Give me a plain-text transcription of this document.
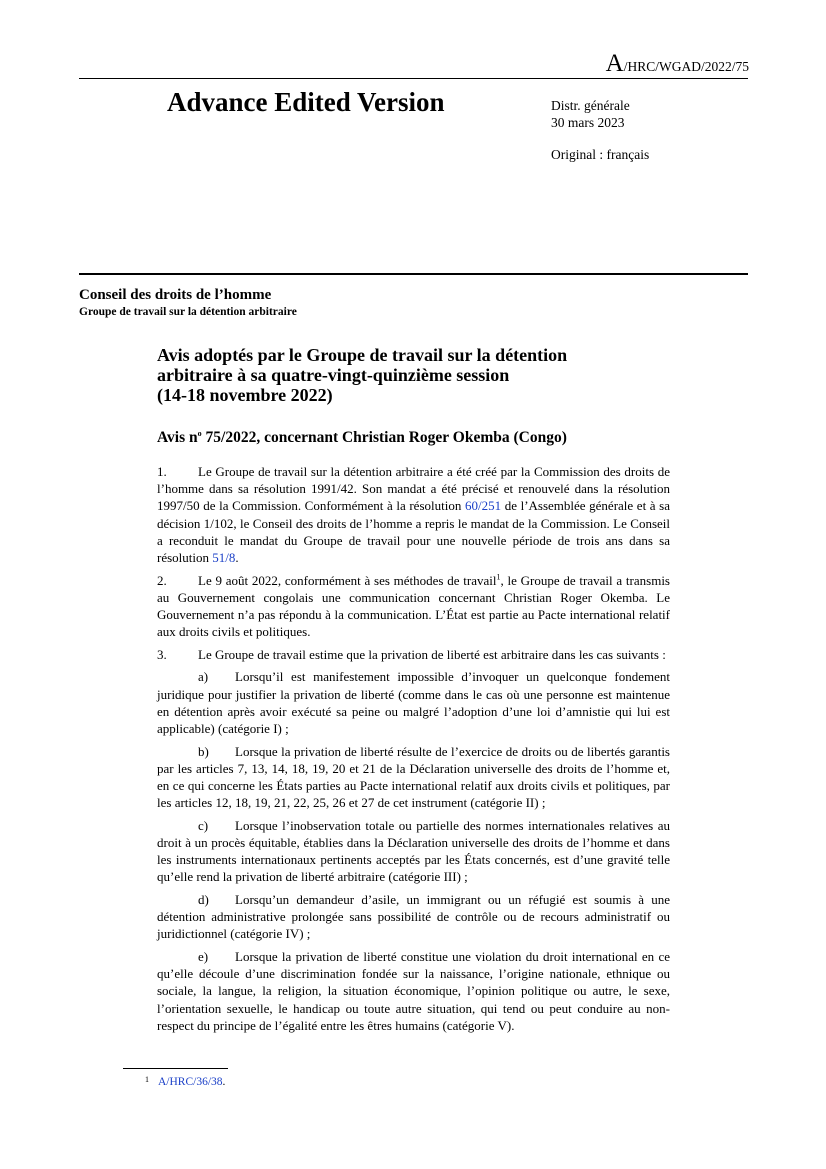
A/HRC/WGAD/2022/75
Advance Edited Version	Distr. générale
30 mars 2023
Original : français
Conseil des droits de l’homme
Groupe de travail sur la détention arbitraire
Avis adoptés par le Groupe de travail sur la détention
arbitraire à sa quatre-vingt-quinzième session
(14-18 novembre 2022)
Avis $n^o$ 75/2022, concernant Christian Roger Okemba (Congo)

1. Le Groupe de travail sur la détention arbitraire a été créé par la Commission des droits de l’homme dans sa résolution 1991/42. Son mandat a été précisé et renouvelé dans la résolution 1997/50 de la Commission. Conformément à la résolution 60/251 de l’Assemblée générale et à sa décision 1/102, le Conseil des droits de l’homme a repris le mandat de la Commission. Le Conseil a reconduit le mandat du Groupe de travail pour une nouvelle période de trois ans dans sa résolution 51/8.

2. Le 9 août 2022, conformément à ses méthodes de travail$^1$, le Groupe de travail a transmis au Gouvernement congolais une communication concernant Christian Roger Okemba. Le Gouvernement n’a pas répondu à la communication. L’État est partie au Pacte international relatif aux droits civils et politiques.

3. Le Groupe de travail estime que la privation de liberté est arbitraire dans les cas suivants :

a) Lorsqu’il est manifestement impossible d’invoquer un quelconque fondement juridique pour justifier la privation de liberté (comme dans le cas où une personne est maintenue en détention après avoir exécuté sa peine ou malgré l’adoption d’une loi d’amnistie qui lui est applicable) (catégorie I) ;

b) Lorsque la privation de liberté résulte de l’exercice de droits ou de libertés garantis par les articles 7, 13, 14, 18, 19, 20 et 21 de la Déclaration universelle des droits de l’homme et, en ce qui concerne les États parties au Pacte international relatif aux droits civils et politiques, par les articles 12, 18, 19, 21, 22, 25, 26 et 27 de cet instrument (catégorie II) ;

c) Lorsque l’inobservation totale ou partielle des normes internationales relatives au droit à un procès équitable, établies dans la Déclaration universelle des droits de l’homme et dans les instruments internationaux pertinents acceptés par les États concernés, est d’une gravité telle qu’elle rend la privation de liberté arbitraire (catégorie III) ;

d) Lorsqu’un demandeur d’asile, un immigrant ou un réfugié est soumis à une détention administrative prolongée sans possibilité de contrôle ou de recours administratif ou juridictionnel (catégorie IV) ;

e) Lorsque la privation de liberté constitue une violation du droit international en ce qu’elle découle d’une discrimination fondée sur la naissance, l’origine nationale, ethnique ou sociale, la langue, la religion, la situation économique, l’opinion politique ou autre, le sexe, l’orientation sexuelle, le handicap ou toute autre situation, qui tend ou peut conduire au non-respect du principe de l’égalité entre les êtres humains (catégorie V).

1 A/HRC/36/38.
